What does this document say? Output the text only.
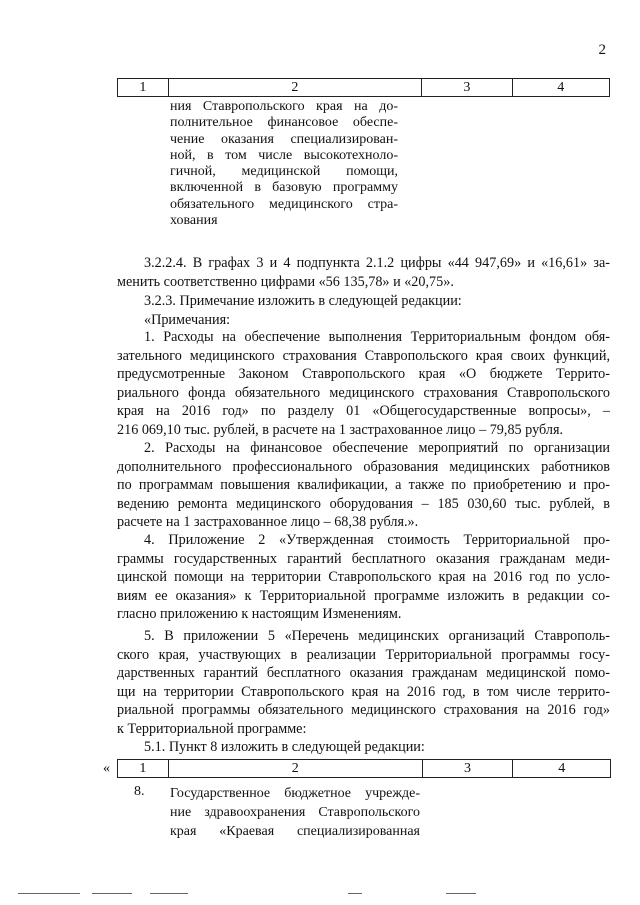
2
1	2	3	4
ния Ставропольского края на до-
полнительное финансовое обеспе-
чение оказания специализирован-
ной, в том числе высокотехноло-
гичной, медицинской помощи,
включенной в базовую программу
обязательного медицинского стра-
хования
3.2.2.4. В графах 3 и 4 подпункта 2.1.2 цифры «44 947,69» и «16,61» за-
менить соответственно цифрами «56 135,78» и «20,75».
3.2.3. Примечание изложить в следующей редакции:
«Примечания:
1. Расходы на обеспечение выполнения Территориальным фондом обя-
зательного медицинского страхования Ставропольского края своих функций,
предусмотренные Законом Ставропольского края «О бюджете Террито-
риального фонда обязательного медицинского страхования Ставропольского
края на 2016 год» по разделу 01 «Общегосударственные вопросы», –
216 069,10 тыс. рублей, в расчете на 1 застрахованное лицо – 79,85 рубля.
2. Расходы на финансовое обеспечение мероприятий по организации
дополнительного профессионального образования медицинских работников
по программам повышения квалификации, а также по приобретению и про-
ведению ремонта медицинского оборудования – 185 030,60 тыс. рублей, в
расчете на 1 застрахованное лицо – 68,38 рубля.».
4. Приложение 2 «Утвержденная стоимость Территориальной про-
граммы государственных гарантий бесплатного оказания гражданам меди-
цинской помощи на территории Ставропольского края на 2016 год по усло-
виям ее оказания» к Территориальной программе изложить в редакции со-
гласно приложению к настоящим Изменениям.
5. В приложении 5 «Перечень медицинских организаций Ставрополь-
ского края, участвующих в реализации Территориальной программы госу-
дарственных гарантий бесплатного оказания гражданам медицинской помо-
щи на территории Ставропольского края на 2016 год, в том числе террито-
риальной программы обязательного медицинского страхования на 2016 год»
к Территориальной программе:
5.1. Пункт 8 изложить в следующей редакции:
« 1	2	3	4
8. Государственное бюджетное учрежде-
ние здравоохранения Ставропольского
края «Краевая специализированная
